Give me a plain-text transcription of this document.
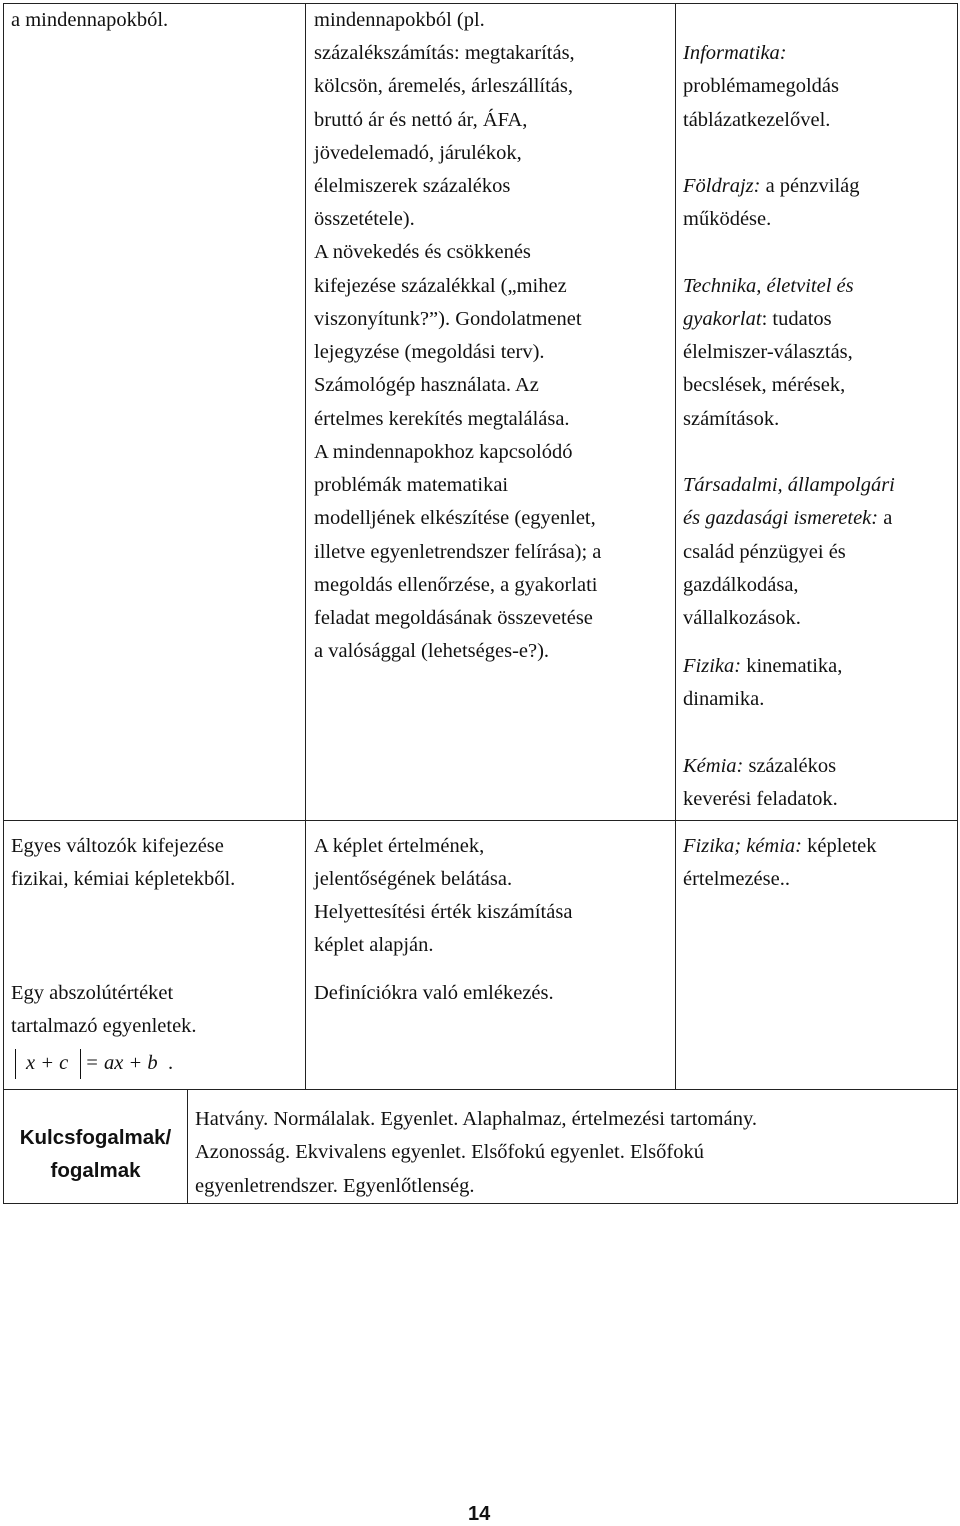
a mindennapokból.	mindennapokból (pl.
százalékszámítás: megtakarítás,
kölcsön, áremelés, árleszállítás,
bruttó ár és nettó ár, ÁFA,
jövedelemadó, járulékok,
élelmiszerek százalékos
összetétele).
A növekedés és csökkenés
kifejezése százalékkal („mihez
viszonyítunk?”). Gondolatmenet
lejegyzése (megoldási terv).
Számológép használata. Az
értelmes kerekítés megtalálása.
A mindennapokhoz kapcsolódó
problémák matematikai
modelljének elkészítése (egyenlet,
illetve egyenletrendszer felírása); a
megoldás ellenőrzése, a gyakorlati
feladat megoldásának összevetése
a valósággal (lehetséges-e?).
Informatika:
problémamegoldás
táblázatkezelővel.
Földrajz: a pénzvilág
működése.
Technika, életvitel és
gyakorlat: tudatos
élelmiszer-választás,
becslések, mérések,
számítások.
Társadalmi, állampolgári
és gazdasági ismeretek: a
család pénzügyei és
gazdálkodása,
vállalkozások.
Fizika: kinematika,
dinamika.
Kémia: százalékos
keverési feladatok.
Egyes változók kifejezése
fizikai, kémiai képletekből.
A képlet értelmének,
jelentőségének belátása.
Helyettesítési érték kiszámítása
képlet alapján.
Fizika; kémia: képletek
értelmezése..
Egy abszolútértéket
tartalmazó egyenletek.
x + c = ax + b .
Definíciókra való emlékezés.
Kulcsfogalmak/
fogalmak
Hatvány. Normálalak. Egyenlet. Alaphalmaz, értelmezési tartomány.
Azonosság. Ekvivalens egyenlet. Elsőfokú egyenlet. Elsőfokú
egyenletrendszer. Egyenlőtlenség.
14
